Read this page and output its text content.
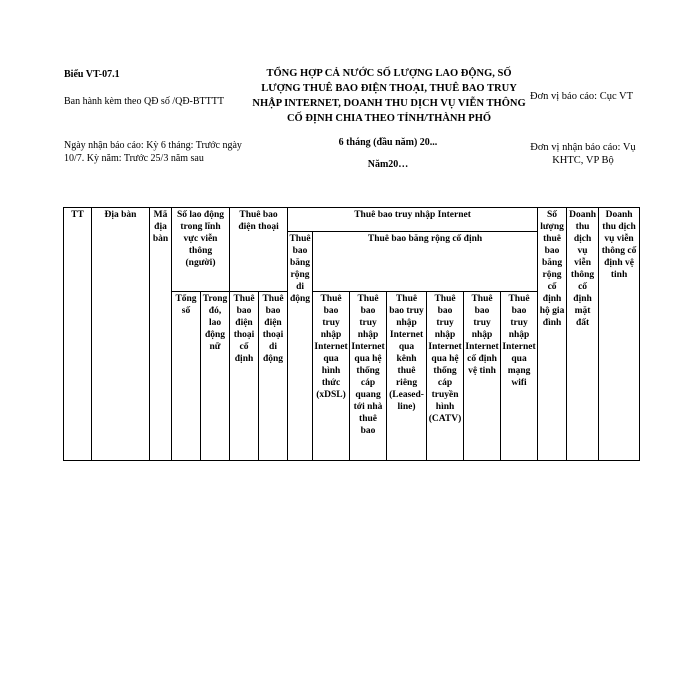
Biểu VT-07.1
Ban hành kèm theo QĐ số /QĐ-BTTTT
TỔNG HỢP CẢ NƯỚC SỐ LƯỢNG LAO ĐỘNG, SỐ LƯỢNG THUÊ BAO ĐIỆN THOẠI, THUÊ BAO TRUY NHẬP INTERNET, DOANH THU DỊCH VỤ VIỄN THÔNG CỐ ĐỊNH CHIA THEO TỈNH/THÀNH PHỐ
Đơn vị báo cáo: Cục VT
Ngày nhận báo cáo: Kỳ 6 tháng: Trước ngày 10/7. Kỳ năm: Trước 25/3 năm sau
6 tháng (đầu năm) 20...
Năm20…
Đơn vị nhận báo cáo: Vụ KHTC, VP Bộ
TT	Địa bàn	Mã địa bàn	Số lao động trong lĩnh vực viễn thông (người)		Thuê bao điện thoại		Thuê bao truy nhập Internet							Số lượng thuê bao băng rộng cố định hộ gia đình	Doanh thu dịch vụ viễn thông cố định mặt đất	Doanh thu dịch vụ viễn thông cố định vệ tinh
							Thuê bao băng rộng di động	Thuê bao băng rộng cố định								
			Tổng số	Trong đó, lao động nữ	Thuê bao điện thoại cố định	Thuê bao điện thoại di động		Thuê bao truy nhập Internet qua hình thức (xDSL)	Thuê bao truy nhập Internet qua hệ thống cáp quang tới nhà thuê bao	Thuê bao truy nhập Internet qua kênh thuê riêng (Leased-line)	Thuê bao truy nhập Internet qua hệ thống cáp truyền hình (CATV)	Thuê bao truy nhập Internet cố định vệ tinh	Thuê bao truy nhập Internet qua mạng wifi			
